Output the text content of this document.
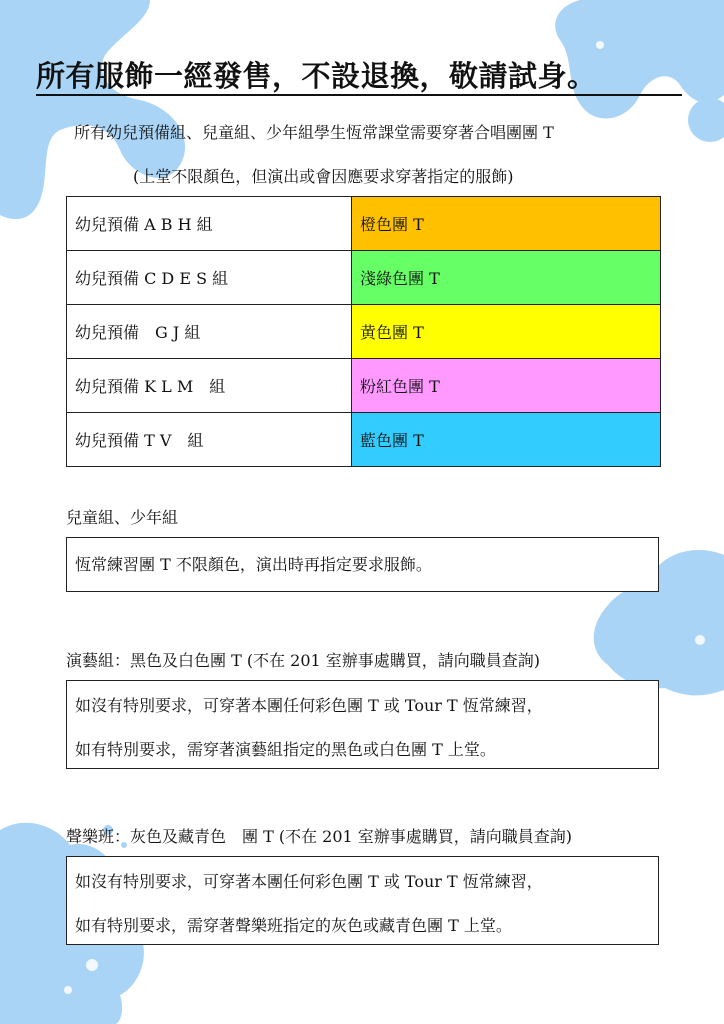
所有服飾一經發售，不設退換，敬請試身。
所有幼兒預備組、兒童組、少年組學生恆常課堂需要穿著合唱團團 T
(上堂不限顏色，但演出或會因應要求穿著指定的服飾)
幼兒預備 A B H 組	橙色團 T
幼兒預備 C D E S 組	淺綠色團 T
幼兒預備　G J 組	黄色團 T
幼兒預備 K L M　組	粉紅色團 T
幼兒預備 T V　組	藍色團 T
兒童組、少年組
恆常練習團 T 不限顏色，演出時再指定要求服飾。
演藝組：黑色及白色團 T (不在 201 室辦事處購買，請向職員查詢)
如沒有特別要求，可穿著本團任何彩色團 T 或 Tour T 恆常練習，
如有特別要求，需穿著演藝組指定的黑色或白色團 T 上堂。
聲樂班：灰色及藏青色　團 T (不在 201 室辦事處購買，請向職員查詢)
如沒有特別要求，可穿著本團任何彩色團 T 或 Tour T 恆常練習，
如有特別要求，需穿著聲樂班指定的灰色或藏青色團 T 上堂。
